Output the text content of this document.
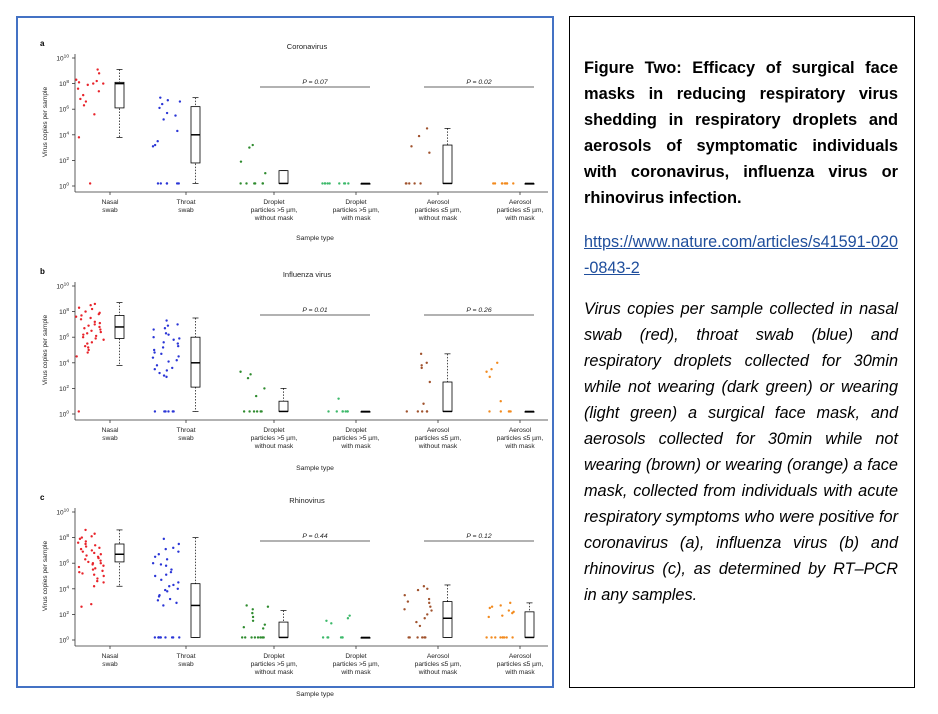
a	Coronavirus
$10^0$
$10^2$
$10^4$
$10^6$
$10^8$
$10^{10}$
Virus copies per sample
Nasal swab
Throat swab
Droplet particles >5 µm, without mask
Droplet particles >5 µm, with mask
Aerosol particles ≤5 µm, without mask
Aerosol particles ≤5 µm, with mask
Sample type
P = 0.07	P = 0.02
b	Influenza virus
$10^0$
$10^2$
$10^4$
$10^6$
$10^8$
$10^{10}$
Virus copies per sample
Nasal swab
Throat swab
Droplet particles >5 µm, without mask
Droplet particles >5 µm, with mask
Aerosol particles ≤5 µm, without mask
Aerosol particles ≤5 µm, with mask
Sample type
P = 0.01	P = 0.26
c	Rhinovirus
$10^0$
$10^2$
$10^4$
$10^6$
$10^8$
$10^{10}$
Virus copies per sample
Nasal swab
Throat swab
Droplet particles >5 µm, without mask
Droplet particles >5 µm, with mask
Aerosol particles ≤5 µm, without mask
Aerosol particles ≤5 µm, with mask
Sample type
P = 0.44	P = 0.12

Figure Two: Efficacy of surgical face masks in reducing respiratory virus shedding in respiratory droplets and aerosols of symptomatic individuals with coronavirus, influenza virus or rhinovirus infection.

https://www.nature.com/articles/s41591-020-0843-2
Virus copies per sample collected in nasal swab (red), throat swab (blue) and respiratory droplets collected for 30min while not wearing (dark green) or wearing (light green) a surgical face mask, and aerosols collected for 30min while not wearing (brown) or wearing (orange) a face mask, collected from individuals with acute respiratory symptoms who were positive for coronavirus (a), influenza virus (b) and rhinovirus (c), as determined by RT–PCR in any samples.
